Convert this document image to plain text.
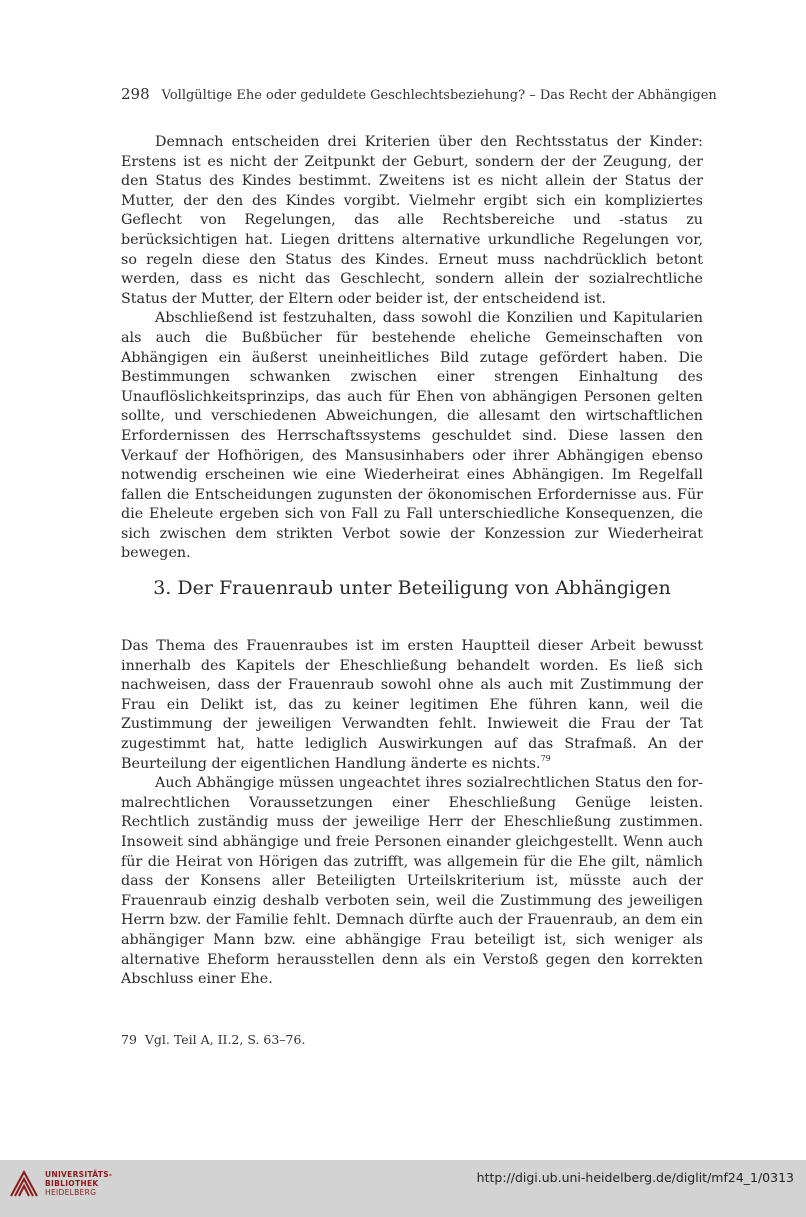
298 Vollgültige Ehe oder geduldete Geschlechtsbeziehung? – Das Recht der Abhängigen

Demnach entscheiden drei Kriterien über den Rechtsstatus der Kinder: Erstens ist es nicht der Zeitpunkt der Geburt, sondern der der Zeugung, der den Status des Kindes bestimmt. Zweitens ist es nicht allein der Status der Mutter, der den des Kindes vorgibt. Vielmehr ergibt sich ein kompliziertes Geflecht von Regelungen, das alle Rechtsbereiche und -status zu berücksichtigen hat. Liegen drittens alternative urkundliche Regelungen vor, so regeln diese den Status des Kindes. Erneut muss nachdrücklich betont werden, dass es nicht das Geschlecht, sondern allein der sozialrechtliche Status der Mutter, der Eltern oder beider ist, der entscheidend ist.

Abschließend ist festzuhalten, dass sowohl die Konzilien und Kapitularien als auch die Bußbücher für bestehende eheliche Gemeinschaften von Abhängigen ein äußerst uneinheitliches Bild zutage gefördert haben. Die Bestimmungen schwanken zwischen einer strengen Einhaltung des Unauflöslichkeitsprinzips, das auch für Ehen von abhängigen Personen gelten sollte, und verschiedenen Abweichungen, die allesamt den wirtschaftlichen Erfordernissen des Herrschaftssystems geschuldet sind. Diese lassen den Verkauf der Hofhörigen, des Mansusinhabers oder ihrer Abhängigen ebenso notwendig erscheinen wie eine Wiederheirat eines Abhängigen. Im Regelfall fallen die Entscheidungen zugunsten der ökonomischen Erfordernisse aus. Für die Eheleute ergeben sich von Fall zu Fall unterschiedliche Konsequenzen, die sich zwischen dem strikten Verbot sowie der Konzession zur Wiederheirat bewegen.

3. Der Frauenraub unter Beteiligung von Abhängigen

Das Thema des Frauenraubes ist im ersten Hauptteil dieser Arbeit bewusst innerhalb des Kapitels der Eheschließung behandelt worden. Es ließ sich nachweisen, dass der Frauenraub sowohl ohne als auch mit Zustimmung der Frau ein Delikt ist, das zu keiner legitimen Ehe führen kann, weil die Zustimmung der jeweiligen Verwandten fehlt. Inwieweit die Frau der Tat zugestimmt hat, hatte lediglich Auswirkungen auf das Strafmaß. An der Beurteilung der eigentlichen Handlung änderte es nichts.$^{79}$

Auch Abhängige müssen ungeachtet ihres sozialrechtlichen Status den formalrechtlichen Voraussetzungen einer Eheschließung Genüge leisten. Rechtlich zuständig muss der jeweilige Herr der Eheschließung zustimmen. Insoweit sind abhängige und freie Personen einander gleichgestellt. Wenn auch für die Heirat von Hörigen das zutrifft, was allgemein für die Ehe gilt, nämlich dass der Konsens aller Beteiligten Urteilskriterium ist, müsste auch der Frauenraub einzig deshalb verboten sein, weil die Zustimmung des jeweiligen Herrn bzw. der Familie fehlt. Demnach dürfte auch der Frauenraub, an dem ein abhängiger Mann bzw. eine abhängige Frau beteiligt ist, sich weniger als alternative Eheform herausstellen denn als ein Verstoß gegen den korrekten Abschluss einer Ehe.

79 Vgl. Teil A, II.2, S. 63–76.
UNIVERSITÄTS-
BIBLIOTHEK
HEIDELBERG
http://digi.ub.uni-heidelberg.de/diglit/mf24_1/0313
